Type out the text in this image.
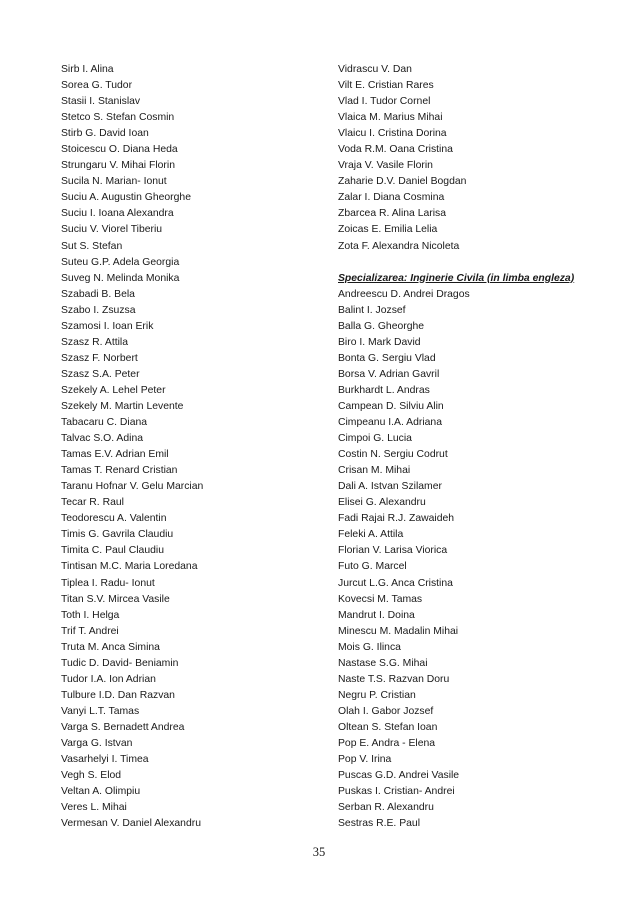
Sirb I. Alina
Sorea G. Tudor
Stasii I. Stanislav
Stetco S. Stefan Cosmin
Stirb G. David Ioan
Stoicescu O. Diana Heda
Strungaru V. Mihai Florin
Sucila N. Marian- Ionut
Suciu A. Augustin Gheorghe
Suciu I. Ioana Alexandra
Suciu V. Viorel Tiberiu
Sut S. Stefan
Suteu G.P. Adela Georgia
Suveg N. Melinda Monika
Szabadi B. Bela
Szabo I. Zsuzsa
Szamosi I. Ioan Erik
Szasz R. Attila
Szasz F. Norbert
Szasz S.A. Peter
Szekely A. Lehel Peter
Szekely M. Martin Levente
Tabacaru C. Diana
Talvac S.O. Adina
Tamas E.V. Adrian Emil
Tamas T. Renard Cristian
Taranu Hofnar V. Gelu Marcian
Tecar R. Raul
Teodorescu A. Valentin
Timis G. Gavrila Claudiu
Timita C. Paul Claudiu
Tintisan M.C. Maria Loredana
Tiplea I. Radu- Ionut
Titan S.V. Mircea Vasile
Toth I. Helga
Trif T. Andrei
Truta M. Anca Simina
Tudic D. David- Beniamin
Tudor I.A. Ion Adrian
Tulbure I.D. Dan Razvan
Vanyi L.T. Tamas
Varga S. Bernadett Andrea
Varga G. Istvan
Vasarhelyi I. Timea
Vegh S. Elod
Veltan A. Olimpiu
Veres L. Mihai
Vermesan V. Daniel Alexandru
Vidrascu V. Dan
Vilt E. Cristian Rares
Vlad I. Tudor Cornel
Vlaica M. Marius Mihai
Vlaicu I. Cristina Dorina
Voda R.M. Oana Cristina
Vraja V. Vasile Florin
Zaharie D.V. Daniel Bogdan
Zalar I. Diana Cosmina
Zbarcea R. Alina Larisa
Zoicas E. Emilia Lelia
Zota F. Alexandra Nicoleta
Specializarea: Inginerie Civila (in limba engleza)
Andreescu D. Andrei Dragos
Balint I. Jozsef
Balla G. Gheorghe
Biro I. Mark David
Bonta G. Sergiu Vlad
Borsa V. Adrian Gavril
Burkhardt L. Andras
Campean D. Silviu Alin
Cimpeanu I.A. Adriana
Cimpoi G. Lucia
Costin N. Sergiu Codrut
Crisan M. Mihai
Dali A. Istvan Szilamer
Elisei G. Alexandru
Fadi Rajai R.J. Zawaideh
Feleki A. Attila
Florian V. Larisa Viorica
Futo G. Marcel
Jurcut L.G. Anca Cristina
Kovecsi M. Tamas
Mandrut I. Doina
Minescu M. Madalin Mihai
Mois G. Ilinca
Nastase S.G. Mihai
Naste T.S. Razvan Doru
Negru P. Cristian
Olah I. Gabor Jozsef
Oltean S. Stefan Ioan
Pop E. Andra - Elena
Pop V. Irina
Puscas G.D. Andrei Vasile
Puskas I. Cristian- Andrei
Serban R. Alexandru
Sestras R.E. Paul
35
